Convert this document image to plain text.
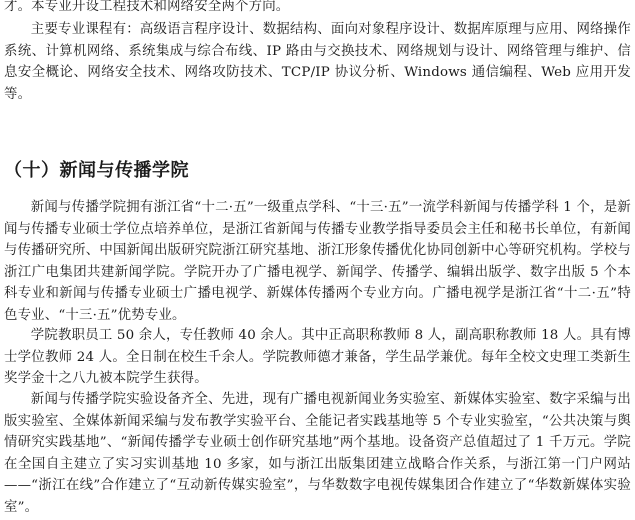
才。本专业开设工程技术和网络安全两个方向。

主要专业课程有：高级语言程序设计、数据结构、面向对象程序设计、数据库原理与应用、网络操作系统、计算机网络、系统集成与综合布线、IP 路由与交换技术、网络规划与设计、网络管理与维护、信息安全概论、网络安全技术、网络攻防技术、TCP/IP 协议分析、Windows 通信编程、Web 应用开发等。

（十）新闻与传播学院

新闻与传播学院拥有浙江省“十二·五”一级重点学科、“十三·五”一流学科新闻与传播学科 1 个，是新闻与传播专业硕士学位点培养单位，是浙江省新闻与传播专业教学指导委员会主任和秘书长单位，有新闻与传播研究所、中国新闻出版研究院浙江研究基地、浙江形象传播优化协同创新中心等研究机构。学校与浙江广电集团共建新闻学院。学院开办了广播电视学、新闻学、传播学、编辑出版学、数字出版 5 个本科专业和新闻与传播专业硕士广播电视学、新媒体传播两个专业方向。广播电视学是浙江省“十二·五”特色专业、“十三·五”优势专业。

学院教职员工 50 余人，专任教师 40 余人。其中正高职称教师 8 人，副高职称教师 18 人。具有博士学位教师 24 人。全日制在校生千余人。学院教师德才兼备，学生品学兼优。每年全校文史理工类新生奖学金十之八九被本院学生获得。

新闻与传播学院实验设备齐全、先进，现有广播电视新闻业务实验室、新媒体实验室、数字采编与出版实验室、全媒体新闻采编与发布教学实验平台、全能记者实践基地等 5 个专业实验室，“公共决策与舆情研究实践基地”、“新闻传播学专业硕士创作研究基地”两个基地。设备资产总值超过了 1 千万元。学院在全国自主建立了实习实训基地 10 多家，如与浙江出版集团建立战略合作关系，与浙江第一门户网站——“浙江在线”合作建立了“互动新传媒实验室”，与华数数字电视传媒集团合作建立了“华数新媒体实验室”。
